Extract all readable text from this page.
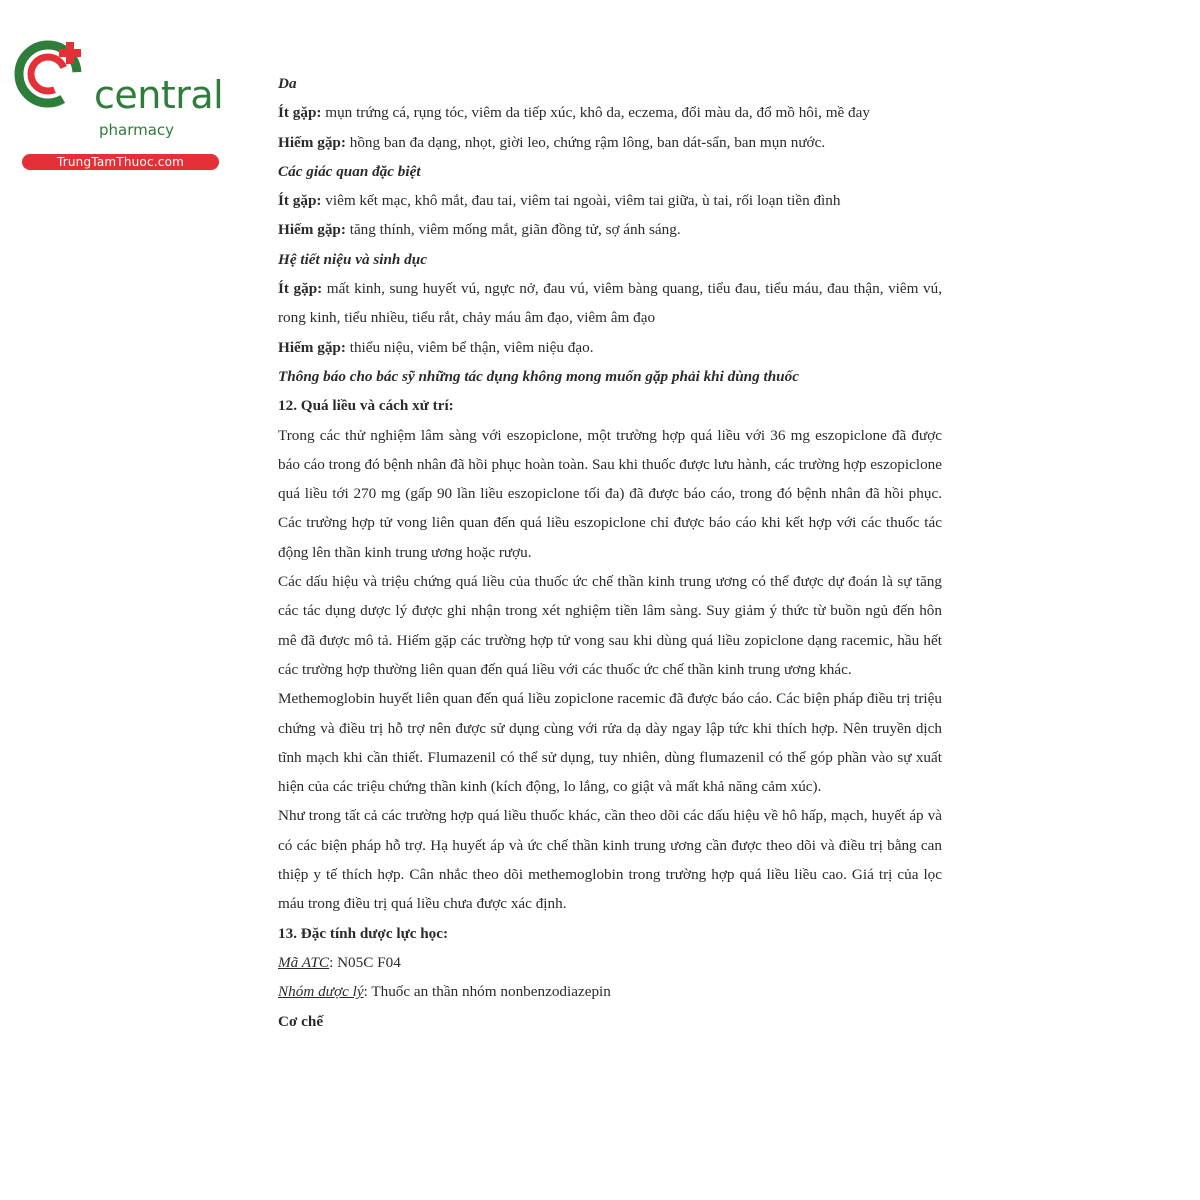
central
pharmacy
TrungTamThuoc.com

Da

Ít gặp: mụn trứng cá, rụng tóc, viêm da tiếp xúc, khô da, eczema, đổi màu da, đổ mồ hôi, mề đay

Hiếm gặp: hồng ban đa dạng, nhọt, giời leo, chứng rậm lông, ban dát-sẩn, ban mụn nước.

Các giác quan đặc biệt

Ít gặp: viêm kết mạc, khô mắt, đau tai, viêm tai ngoài, viêm tai giữa, ù tai, rối loạn tiền đình

Hiếm gặp: tăng thính, viêm mống mắt, giãn đồng tử, sợ ánh sáng.

Hệ tiết niệu và sinh dục

Ít gặp: mất kinh, sung huyết vú, ngực nở, đau vú, viêm bàng quang, tiểu đau, tiểu máu, đau thận, viêm vú, rong kinh, tiểu nhiều, tiểu rắt, chảy máu âm đạo, viêm âm đạo

Hiếm gặp: thiểu niệu, viêm bể thận, viêm niệu đạo.

Thông báo cho bác sỹ những tác dụng không mong muốn gặp phải khi dùng thuốc

12. Quá liều và cách xử trí:

Trong các thử nghiệm lâm sàng với eszopiclone, một trường hợp quá liều với 36 mg eszopiclone đã được báo cáo trong đó bệnh nhân đã hồi phục hoàn toàn. Sau khi thuốc được lưu hành, các trường hợp eszopiclone quá liều tới 270 mg (gấp 90 lần liều eszopiclone tối đa) đã được báo cáo, trong đó bệnh nhân đã hồi phục. Các trường hợp tử vong liên quan đến quá liều eszopiclone chỉ được báo cáo khi kết hợp với các thuốc tác động lên thần kinh trung ương hoặc rượu.

Các dấu hiệu và triệu chứng quá liều của thuốc ức chế thần kinh trung ương có thể được dự đoán là sự tăng các tác dụng dược lý được ghi nhận trong xét nghiệm tiền lâm sàng. Suy giảm ý thức từ buồn ngủ đến hôn mê đã được mô tả. Hiếm gặp các trường hợp tử vong sau khi dùng quá liều zopiclone dạng racemic, hầu hết các trường hợp thường liên quan đến quá liều với các thuốc ức chế thần kinh trung ương khác.

Methemoglobin huyết liên quan đến quá liều zopiclone racemic đã được báo cáo. Các biện pháp điều trị triệu chứng và điều trị hỗ trợ nên được sử dụng cùng với rửa dạ dày ngay lập tức khi thích hợp. Nên truyền dịch tĩnh mạch khi cần thiết. Flumazenil có thể sử dụng, tuy nhiên, dùng flumazenil có thể góp phần vào sự xuất hiện của các triệu chứng thần kinh (kích động, lo lắng, co giật và mất khả năng cảm xúc).

Như trong tất cả các trường hợp quá liều thuốc khác, cần theo dõi các dấu hiệu về hô hấp, mạch, huyết áp và có các biện pháp hỗ trợ. Hạ huyết áp và ức chế thần kinh trung ương cần được theo dõi và điều trị bằng can thiệp y tế thích hợp. Cân nhắc theo dõi methemoglobin trong trường hợp quá liều liều cao. Giá trị của lọc máu trong điều trị quá liều chưa được xác định.

13. Đặc tính dược lực học:

Mã ATC: N05C F04

Nhóm dược lý: Thuốc an thần nhóm nonbenzodiazepin

Cơ chế
